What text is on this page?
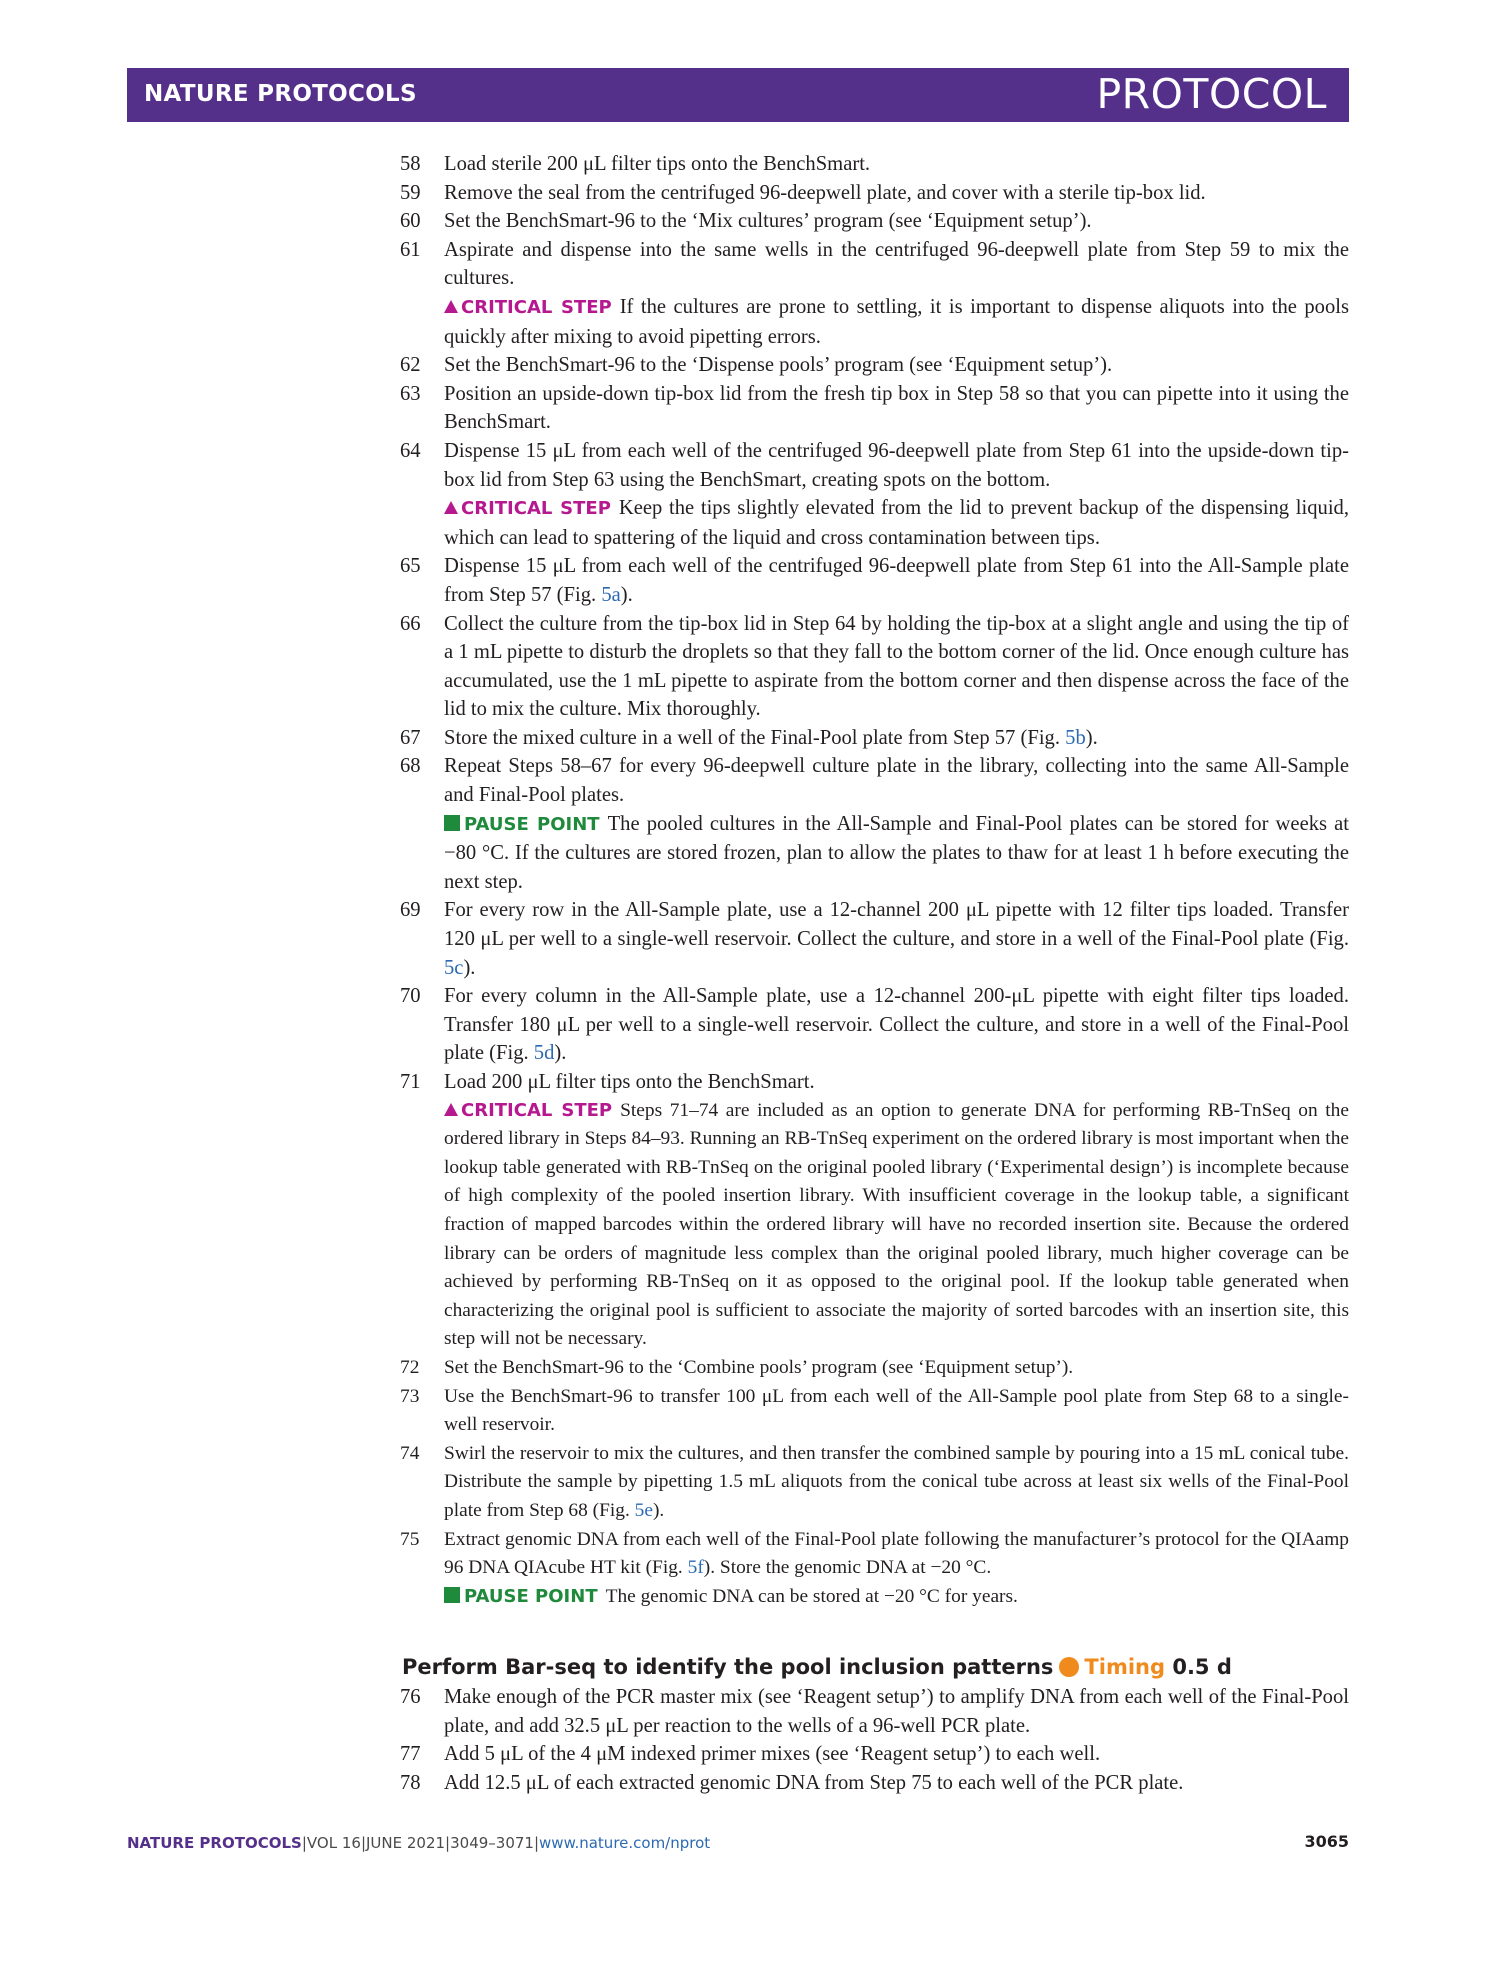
NATURE PROTOCOLS	PROTOCOL
58 Load sterile 200 μL filter tips onto the BenchSmart.
59 Remove the seal from the centrifuged 96-deepwell plate, and cover with a sterile tip-box lid.
60 Set the BenchSmart-96 to the ‘Mix cultures’ program (see ‘Equipment setup’).
61 Aspirate and dispense into the same wells in the centrifuged 96-deepwell plate from Step 59 to mix the cultures.
CRITICAL STEP If the cultures are prone to settling, it is important to dispense aliquots into the pools quickly after mixing to avoid pipetting errors.
62 Set the BenchSmart-96 to the ‘Dispense pools’ program (see ‘Equipment setup’).
63 Position an upside-down tip-box lid from the fresh tip box in Step 58 so that you can pipette into it using the BenchSmart.
64 Dispense 15 μL from each well of the centrifuged 96-deepwell plate from Step 61 into the upside-down tip-box lid from Step 63 using the BenchSmart, creating spots on the bottom.
CRITICAL STEP Keep the tips slightly elevated from the lid to prevent backup of the dispensing liquid, which can lead to spattering of the liquid and cross contamination between tips.
65 Dispense 15 μL from each well of the centrifuged 96-deepwell plate from Step 61 into the All-Sample plate from Step 57 (Fig. 5a).
66 Collect the culture from the tip-box lid in Step 64 by holding the tip-box at a slight angle and using the tip of a 1 mL pipette to disturb the droplets so that they fall to the bottom corner of the lid. Once enough culture has accumulated, use the 1 mL pipette to aspirate from the bottom corner and then dispense across the face of the lid to mix the culture. Mix thoroughly.
67 Store the mixed culture in a well of the Final-Pool plate from Step 57 (Fig. 5b).
68 Repeat Steps 58–67 for every 96-deepwell culture plate in the library, collecting into the same All-Sample and Final-Pool plates.
PAUSE POINT The pooled cultures in the All-Sample and Final-Pool plates can be stored for weeks at −80 °C. If the cultures are stored frozen, plan to allow the plates to thaw for at least 1 h before executing the next step.
69 For every row in the All-Sample plate, use a 12-channel 200 μL pipette with 12 filter tips loaded. Transfer 120 μL per well to a single-well reservoir. Collect the culture, and store in a well of the Final-Pool plate (Fig. 5c).
70 For every column in the All-Sample plate, use a 12-channel 200-μL pipette with eight filter tips loaded. Transfer 180 μL per well to a single-well reservoir. Collect the culture, and store in a well of the Final-Pool plate (Fig. 5d).
71 Load 200 μL filter tips onto the BenchSmart.
CRITICAL STEP Steps 71–74 are included as an option to generate DNA for performing RB-TnSeq on the ordered library in Steps 84–93. Running an RB-TnSeq experiment on the ordered library is most important when the lookup table generated with RB-TnSeq on the original pooled library (‘Experimental design’) is incomplete because of high complexity of the pooled insertion library. With insufficient coverage in the lookup table, a significant fraction of mapped barcodes within the ordered library will have no recorded insertion site. Because the ordered library can be orders of magnitude less complex than the original pooled library, much higher coverage can be achieved by performing RB-TnSeq on it as opposed to the original pool. If the lookup table generated when characterizing the original pool is sufficient to associate the majority of sorted barcodes with an insertion site, this step will not be necessary.
72 Set the BenchSmart-96 to the ‘Combine pools’ program (see ‘Equipment setup’).
73 Use the BenchSmart-96 to transfer 100 μL from each well of the All-Sample pool plate from Step 68 to a single-well reservoir.
74 Swirl the reservoir to mix the cultures, and then transfer the combined sample by pouring into a 15 mL conical tube. Distribute the sample by pipetting 1.5 mL aliquots from the conical tube across at least six wells of the Final-Pool plate from Step 68 (Fig. 5e).
75 Extract genomic DNA from each well of the Final-Pool plate following the manufacturer’s protocol for the QIAamp 96 DNA QIAcube HT kit (Fig. 5f). Store the genomic DNA at −20 °C.
PAUSE POINT The genomic DNA can be stored at −20 °C for years.
Perform Bar-seq to identify the pool inclusion patterns Timing 0.5 d
76 Make enough of the PCR master mix (see ‘Reagent setup’) to amplify DNA from each well of the Final-Pool plate, and add 32.5 μL per reaction to the wells of a 96-well PCR plate.
77 Add 5 μL of the 4 μM indexed primer mixes (see ‘Reagent setup’) to each well.
78 Add 12.5 μL of each extracted genomic DNA from Step 75 to each well of the PCR plate.
NATURE PROTOCOLS|VOL 16|JUNE 2021|3049–3071|www.nature.com/nprot	3065
